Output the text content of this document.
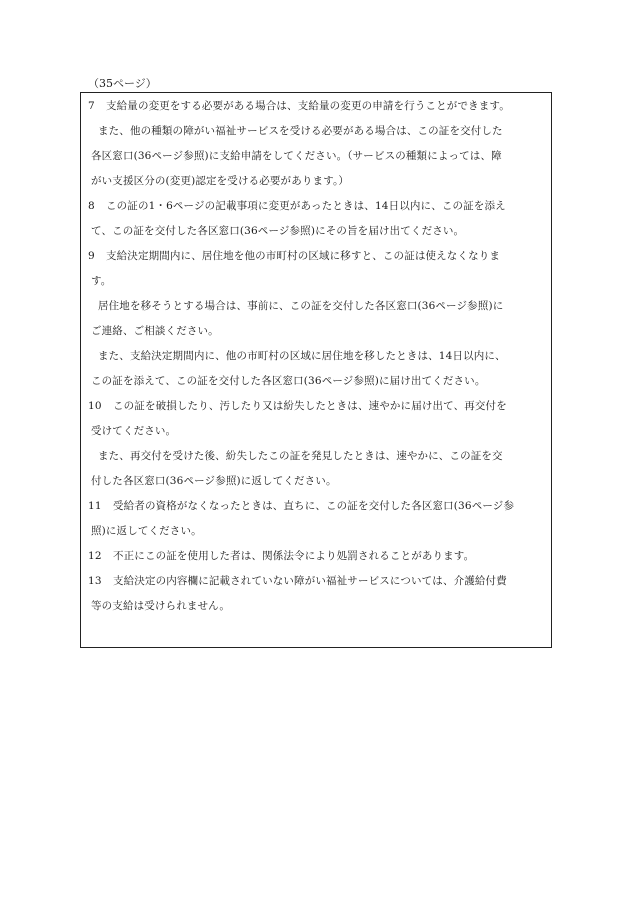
（35ページ）
7 支給量の変更をする必要がある場合は、支給量の変更の申請を行うことができます。
また、他の種類の障がい福祉サービスを受ける必要がある場合は、この証を交付した
各区窓口(36ページ参照)に支給申請をしてください。（サービスの種類によっては、障
がい支援区分の(変更)認定を受ける必要があります。）
8 この証の1・6ページの記載事項に変更があったときは、14日以内に、この証を添え
て、この証を交付した各区窓口(36ページ参照)にその旨を届け出てください。
9 支給決定期間内に、居住地を他の市町村の区域に移すと、この証は使えなくなりま
す。
居住地を移そうとする場合は、事前に、この証を交付した各区窓口(36ページ参照)に
ご連絡、ご相談ください。
また、支給決定期間内に、他の市町村の区域に居住地を移したときは、14日以内に、
この証を添えて、この証を交付した各区窓口(36ページ参照)に届け出てください。
10 この証を破損したり、汚したり又は紛失したときは、速やかに届け出て、再交付を
受けてください。
また、再交付を受けた後、紛失したこの証を発見したときは、速やかに、この証を交
付した各区窓口(36ページ参照)に返してください。
11 受給者の資格がなくなったときは、直ちに、この証を交付した各区窓口(36ページ参
照)に返してください。
12 不正にこの証を使用した者は、関係法令により処罰されることがあります。
13 支給決定の内容欄に記載されていない障がい福祉サービスについては、介護給付費
等の支給は受けられません。
